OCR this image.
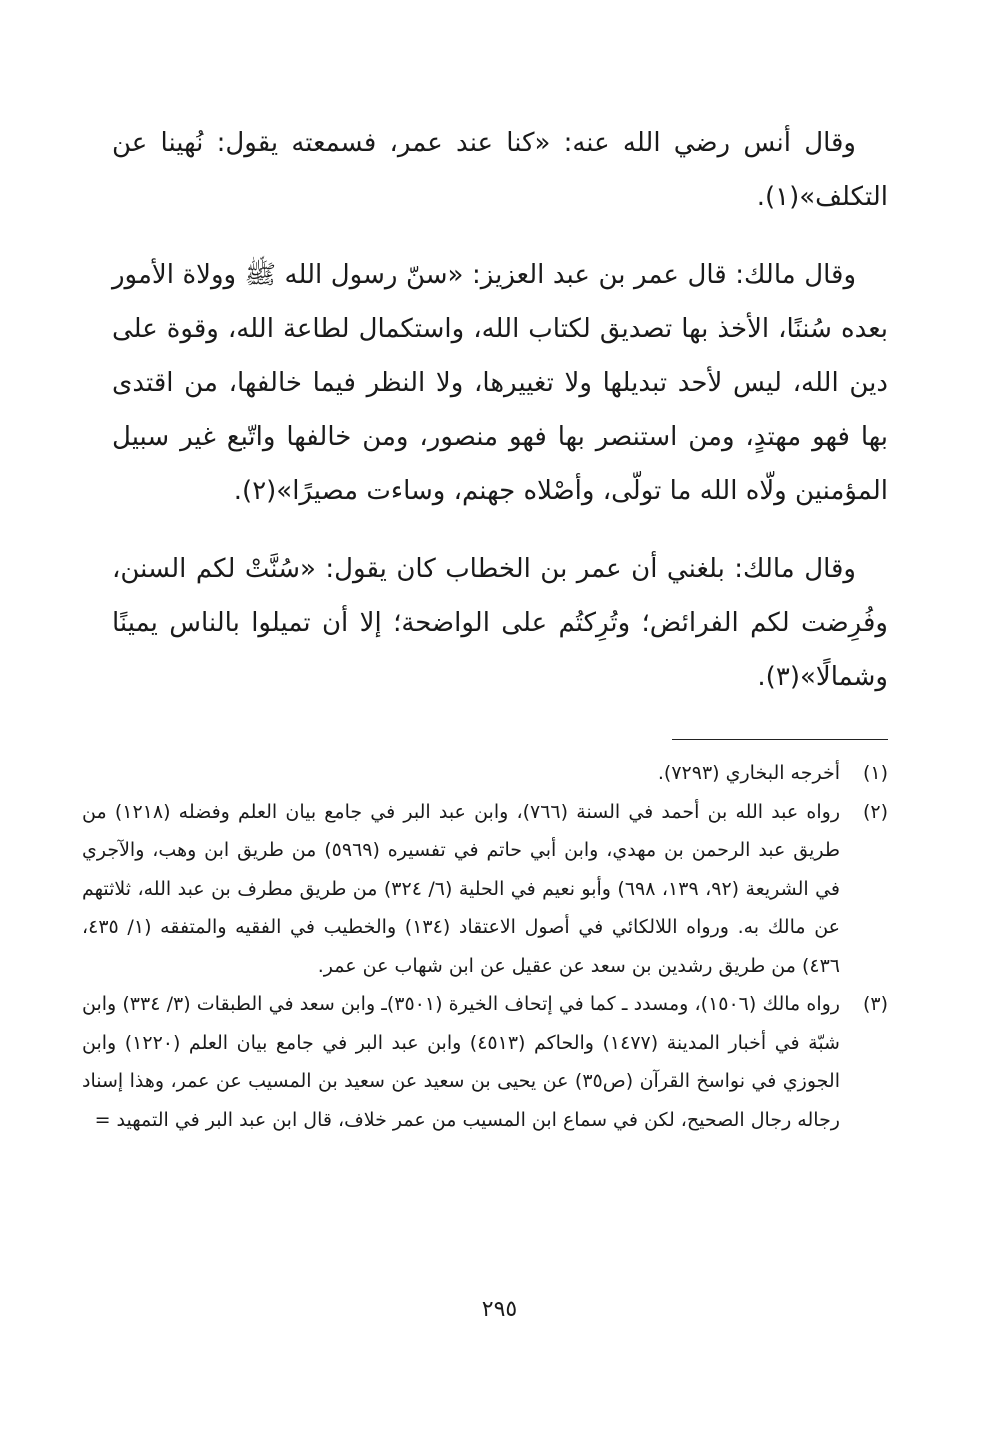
وقال أنس رضي الله عنه: «كنا عند عمر، فسمعته يقول: نُهينا عن التكلف»(١).

وقال مالك: قال عمر بن عبد العزيز: «سنّ رسول الله ﷺ وولاة الأمور بعده سُننًا، الأخذ بها تصديق لكتاب الله، واستكمال لطاعة الله، وقوة على دين الله، ليس لأحد تبديلها ولا تغييرها، ولا النظر فيما خالفها، من اقتدى بها فهو مهتدٍ، ومن استنصر بها فهو منصور، ومن خالفها واتّبع غير سبيل المؤمنين ولّاه الله ما تولّى، وأصْلاه جهنم، وساءت مصيرًا»(٢).

وقال مالك: بلغني أن عمر بن الخطاب كان يقول: «سُنَّتْ لكم السنن، وفُرِضت لكم الفرائض؛ وتُرِكتُم على الواضحة؛ إلا أن تميلوا بالناس يمينًا وشمالًا»(٣).

(١)
أخرجه البخاري (٧٢٩٣).
(٢)
رواه عبد الله بن أحمد في السنة (٧٦٦)، وابن عبد البر في جامع بيان العلم وفضله (١٢١٨) من طريق عبد الرحمن بن مهدي، وابن أبي حاتم في تفسيره (٥٩٦٩) من طريق ابن وهب، والآجري في الشريعة (٩٢، ١٣٩، ٦٩٨) وأبو نعيم في الحلية (٦/ ٣٢٤) من طريق مطرف بن عبد الله، ثلاثتهم عن مالك به. ورواه اللالكائي في أصول الاعتقاد (١٣٤) والخطيب في الفقيه والمتفقه (١/ ٤٣٥، ٤٣٦) من طريق رشدين بن سعد عن عقيل عن ابن شهاب عن عمر.
(٣)
رواه مالك (١٥٠٦)، ومسدد ـ كما في إتحاف الخيرة (٣٥٠١)ـ وابن سعد في الطبقات (٣/ ٣٣٤) وابن شبّة في أخبار المدينة (١٤٧٧) والحاكم (٤٥١٣) وابن عبد البر في جامع بيان العلم (١٢٢٠) وابن الجوزي في نواسخ القرآن (ص٣٥) عن يحيى بن سعيد عن سعيد بن المسيب عن عمر، وهذا إسناد رجاله رجال الصحيح، لكن في سماع ابن المسيب من عمر خلاف، قال ابن عبد البر في التمهيد =
٢٩٥
